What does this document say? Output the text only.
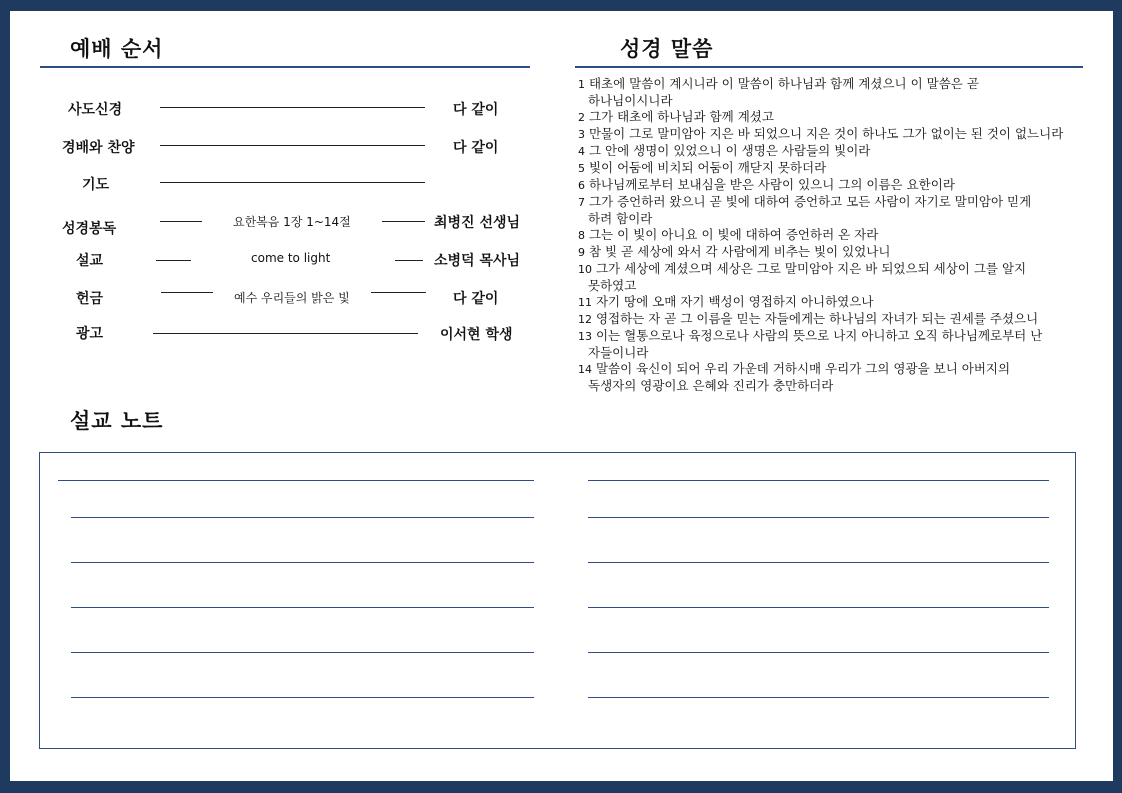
예배 순서
사도신경	다 같이
경배와 찬양	다 같이
기도
성경봉독	요한복음 1장 1~14절	최병진 선생님
설교	come to light	소병덕 목사님
헌금	예수 우리들의 밝은 빛	다 같이
광고	이서현 학생
성경 말씀

1 태초에 말씀이 계시니라 이 말씀이 하나님과 함께 계셨으니 이 말씀은 곧
하나님이시니라

2 그가 태초에 하나님과 함께 계셨고

3 만물이 그로 말미암아 지은 바 되었으니 지은 것이 하나도 그가 없이는 된 것이 없느니라

4 그 안에 생명이 있었으니 이 생명은 사람들의 빛이라

5 빛이 어둠에 비치되 어둠이 깨닫지 못하더라

6 하나님께로부터 보내심을 받은 사람이 있으니 그의 이름은 요한이라

7 그가 증언하러 왔으니 곧 빛에 대하여 증언하고 모든 사람이 자기로 말미암아 믿게
하려 함이라

8 그는 이 빛이 아니요 이 빛에 대하여 증언하러 온 자라

9 참 빛 곧 세상에 와서 각 사람에게 비추는 빛이 있었나니

10 그가 세상에 계셨으며 세상은 그로 말미암아 지은 바 되었으되 세상이 그를 알지
못하였고

11 자기 땅에 오매 자기 백성이 영접하지 아니하였으나

12 영접하는 자 곧 그 이름을 믿는 자들에게는 하나님의 자녀가 되는 권세를 주셨으니

13 이는 혈통으로나 육정으로나 사람의 뜻으로 나지 아니하고 오직 하나님께로부터 난
자들이니라

14 말씀이 육신이 되어 우리 가운데 거하시매 우리가 그의 영광을 보니 아버지의
독생자의 영광이요 은혜와 진리가 충만하더라

설교 노트
